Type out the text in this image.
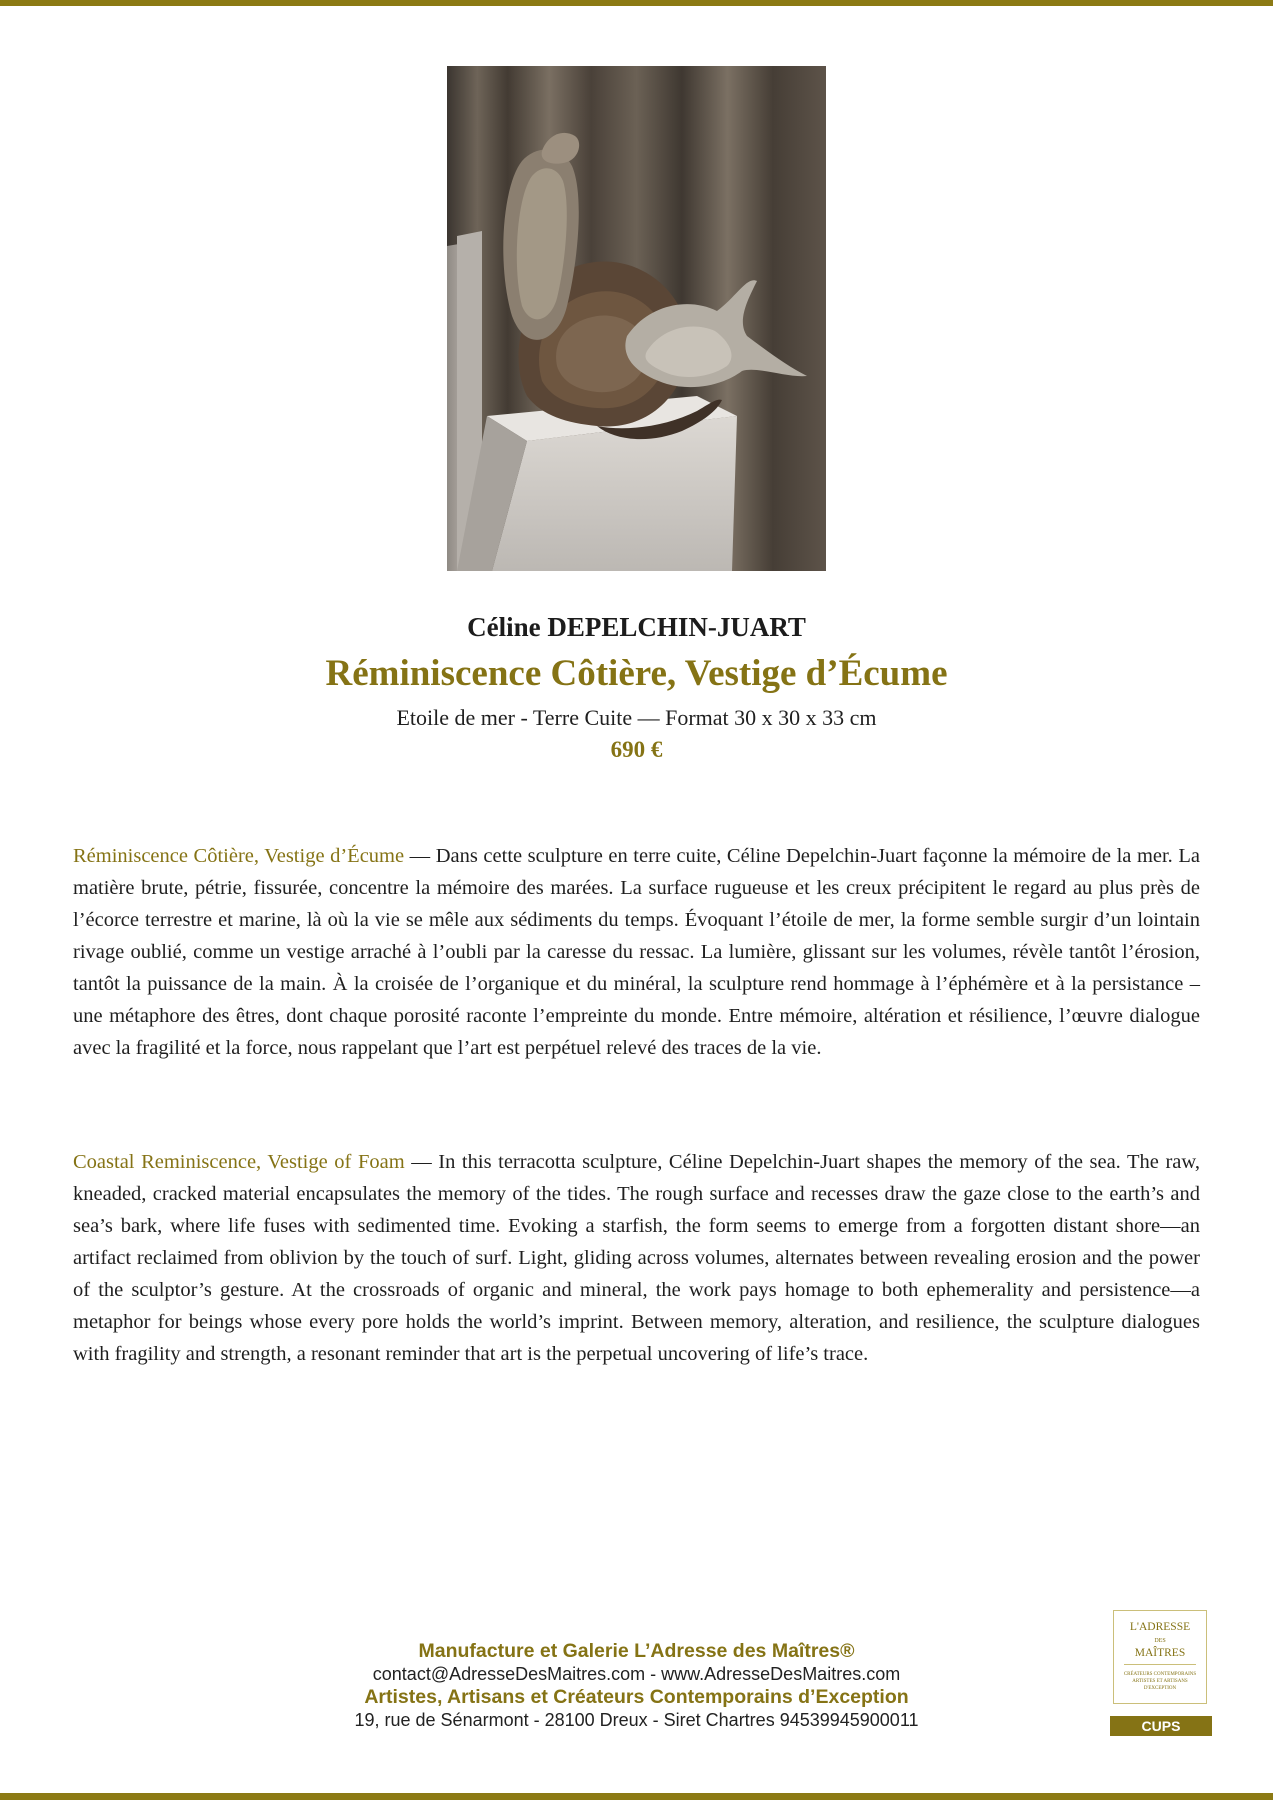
Céline DEPELCHIN-JUART
Réminiscence Côtière, Vestige d’Écume
Etoile de mer - Terre Cuite — Format 30 x 30 x 33 cm
690 €

Réminiscence Côtière, Vestige d’Écume — Dans cette sculpture en terre cuite, Céline Depelchin-Juart façonne la mémoire de la mer. La matière brute, pétrie, fissurée, concentre la mémoire des marées. La surface rugueuse et les creux précipitent le regard au plus près de l’écorce terrestre et marine, là où la vie se mêle aux sédiments du temps. Évoquant l’étoile de mer, la forme semble surgir d’un lointain rivage oublié, comme un vestige arraché à l’oubli par la caresse du ressac. La lumière, glissant sur les volumes, révèle tantôt l’érosion, tantôt la puissance de la main. À la croisée de l’organique et du minéral, la sculpture rend hommage à l’éphémère et à la persistance – une métaphore des êtres, dont chaque porosité raconte l’empreinte du monde. Entre mémoire, altération et résilience, l’œuvre dialogue avec la fragilité et la force, nous rappelant que l’art est perpétuel relevé des traces de la vie.

Coastal Reminiscence, Vestige of Foam — In this terracotta sculpture, Céline Depelchin-Juart shapes the memory of the sea. The raw, kneaded, cracked material encapsulates the memory of the tides. The rough surface and recesses draw the gaze close to the earth’s and sea’s bark, where life fuses with sedimented time. Evoking a starfish, the form seems to emerge from a forgotten distant shore—an artifact reclaimed from oblivion by the touch of surf. Light, gliding across volumes, alternates between revealing erosion and the power of the sculptor’s gesture. At the crossroads of organic and mineral, the work pays homage to both ephemerality and persistence—a metaphor for beings whose every pore holds the world’s imprint. Between memory, alteration, and resilience, the sculpture dialogues with fragility and strength, a resonant reminder that art is the perpetual uncovering of life’s trace.

Manufacture et Galerie L’Adresse des Maîtres®
contact@AdresseDesMaitres.com - www.AdresseDesMaitres.com
Artistes, Artisans et Créateurs Contemporains d’Exception
19, rue de Sénarmont - 28100 Dreux - Siret Chartres 94539945900011
L'ADRESSE
DES
MAÎTRES
CRÉATEURS CONTEMPORAINS ARTISTES ET ARTISANS D'EXCEPTION
CUPS
